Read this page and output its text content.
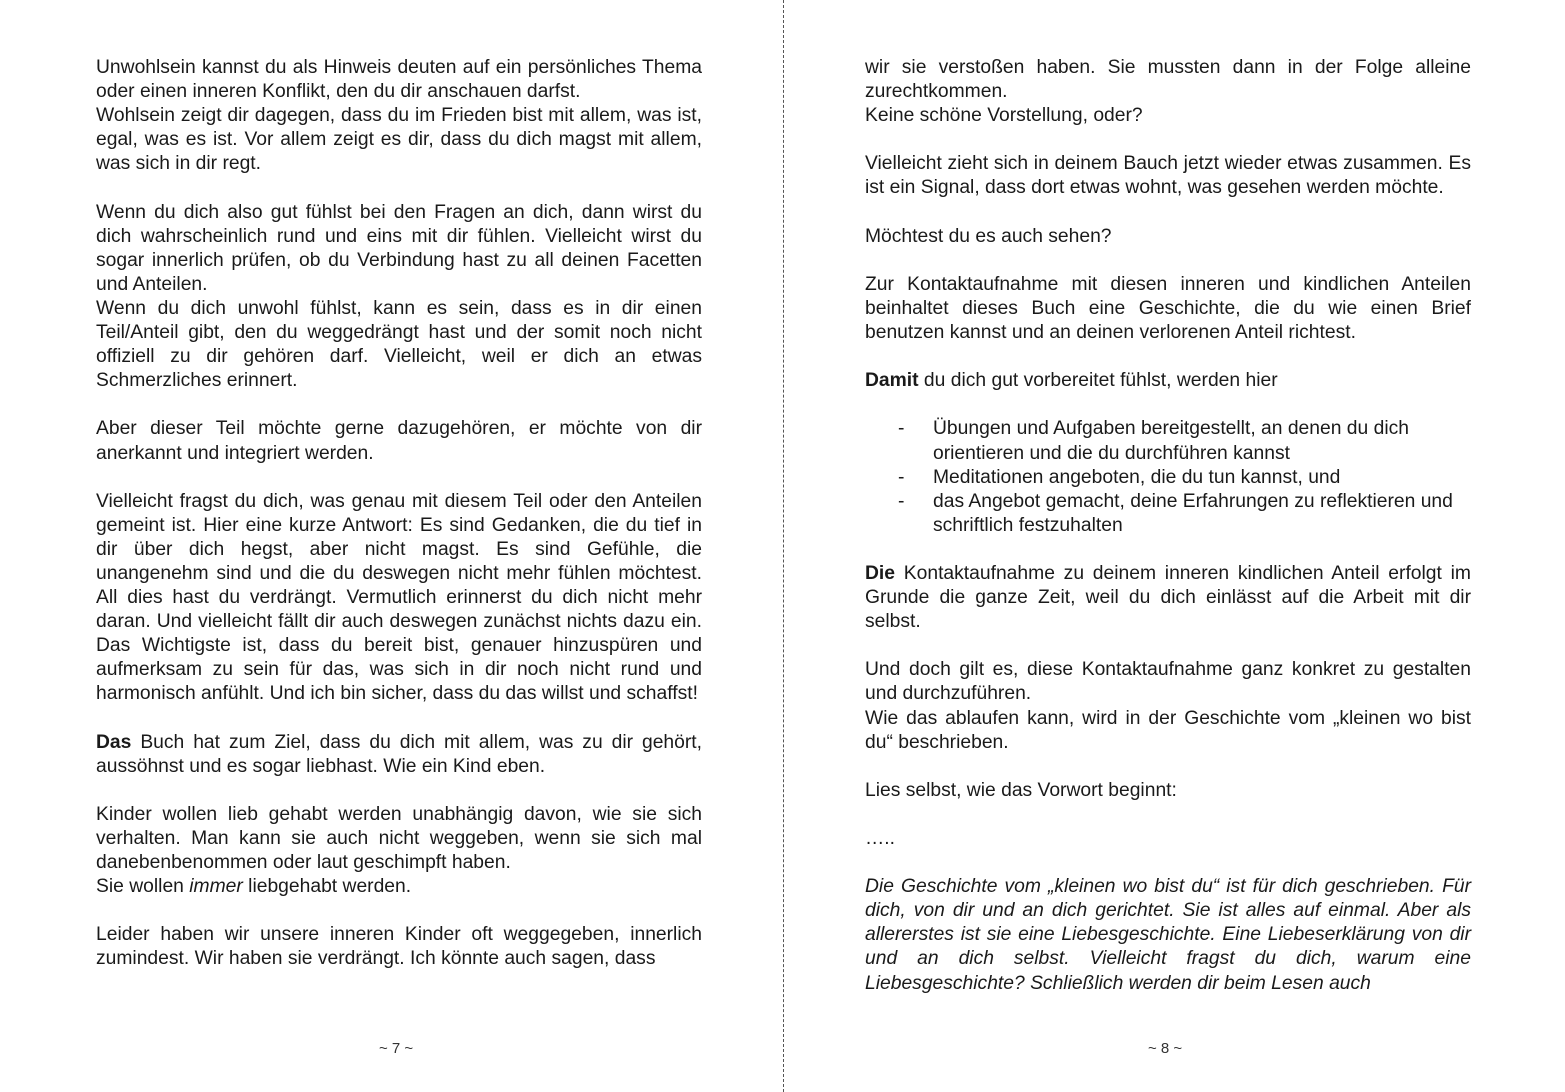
Unwohlsein kannst du als Hinweis deuten auf ein persönliches Thema oder einen inneren Konflikt, den du dir anschauen darfst.

Wohlsein zeigt dir dagegen, dass du im Frieden bist mit allem, was ist, egal, was es ist. Vor allem zeigt es dir, dass du dich magst mit allem, was sich in dir regt.

Wenn du dich also gut fühlst bei den Fragen an dich, dann wirst du dich wahrscheinlich rund und eins mit dir fühlen. Vielleicht wirst du sogar innerlich prüfen, ob du Verbindung hast zu all deinen Facetten und Anteilen.

Wenn du dich unwohl fühlst, kann es sein, dass es in dir einen Teil/Anteil gibt, den du weggedrängt hast und der somit noch nicht offiziell zu dir gehören darf. Vielleicht, weil er dich an etwas Schmerzliches erinnert.

Aber dieser Teil möchte gerne dazugehören, er möchte von dir anerkannt und integriert werden.

Vielleicht fragst du dich, was genau mit diesem Teil oder den Anteilen gemeint ist. Hier eine kurze Antwort: Es sind Gedanken, die du tief in dir über dich hegst, aber nicht magst. Es sind Gefühle, die unangenehm sind und die du deswegen nicht mehr fühlen möchtest. All dies hast du verdrängt. Vermutlich erinnerst du dich nicht mehr daran. Und vielleicht fällt dir auch deswegen zunächst nichts dazu ein. Das Wichtigste ist, dass du bereit bist, genauer hinzuspüren und aufmerksam zu sein für das, was sich in dir noch nicht rund und harmonisch anfühlt. Und ich bin sicher, dass du das willst und schaffst!

Das Buch hat zum Ziel, dass du dich mit allem, was zu dir gehört, aussöhnst und es sogar liebhast. Wie ein Kind eben.

Kinder wollen lieb gehabt werden unabhängig davon, wie sie sich verhalten. Man kann sie auch nicht weggeben, wenn sie sich mal danebenbenommen oder laut geschimpft haben.

Sie wollen immer liebgehabt werden.

Leider haben wir unsere inneren Kinder oft weggegeben, innerlich zumindest. Wir haben sie verdrängt. Ich könnte auch sagen, dass

~ 7 ~

wir sie verstoßen haben. Sie mussten dann in der Folge alleine zurechtkommen.

Keine schöne Vorstellung, oder?

Vielleicht zieht sich in deinem Bauch jetzt wieder etwas zusammen. Es ist ein Signal, dass dort etwas wohnt, was gesehen werden möchte.

Möchtest du es auch sehen?

Zur Kontaktaufnahme mit diesen inneren und kindlichen Anteilen beinhaltet dieses Buch eine Geschichte, die du wie einen Brief benutzen kannst und an deinen verlorenen Anteil richtest.

Damit du dich gut vorbereitet fühlst, werden hier

- Übungen und Aufgaben bereitgestellt, an denen du dich orientieren und die du durchführen kannst
- Meditationen angeboten, die du tun kannst, und
- das Angebot gemacht, deine Erfahrungen zu reflektieren und schriftlich festzuhalten

Die Kontaktaufnahme zu deinem inneren kindlichen Anteil erfolgt im Grunde die ganze Zeit, weil du dich einlässt auf die Arbeit mit dir selbst.

Und doch gilt es, diese Kontaktaufnahme ganz konkret zu gestalten und durchzuführen.

Wie das ablaufen kann, wird in der Geschichte vom „kleinen wo bist du“ beschrieben.

Lies selbst, wie das Vorwort beginnt:

…..

Die Geschichte vom „kleinen wo bist du“ ist für dich geschrieben. Für dich, von dir und an dich gerichtet. Sie ist alles auf einmal. Aber als allererstes ist sie eine Liebesgeschichte. Eine Liebeserklärung von dir und an dich selbst. Vielleicht fragst du dich, warum eine Liebesgeschichte? Schließlich werden dir beim Lesen auch

~ 8 ~
